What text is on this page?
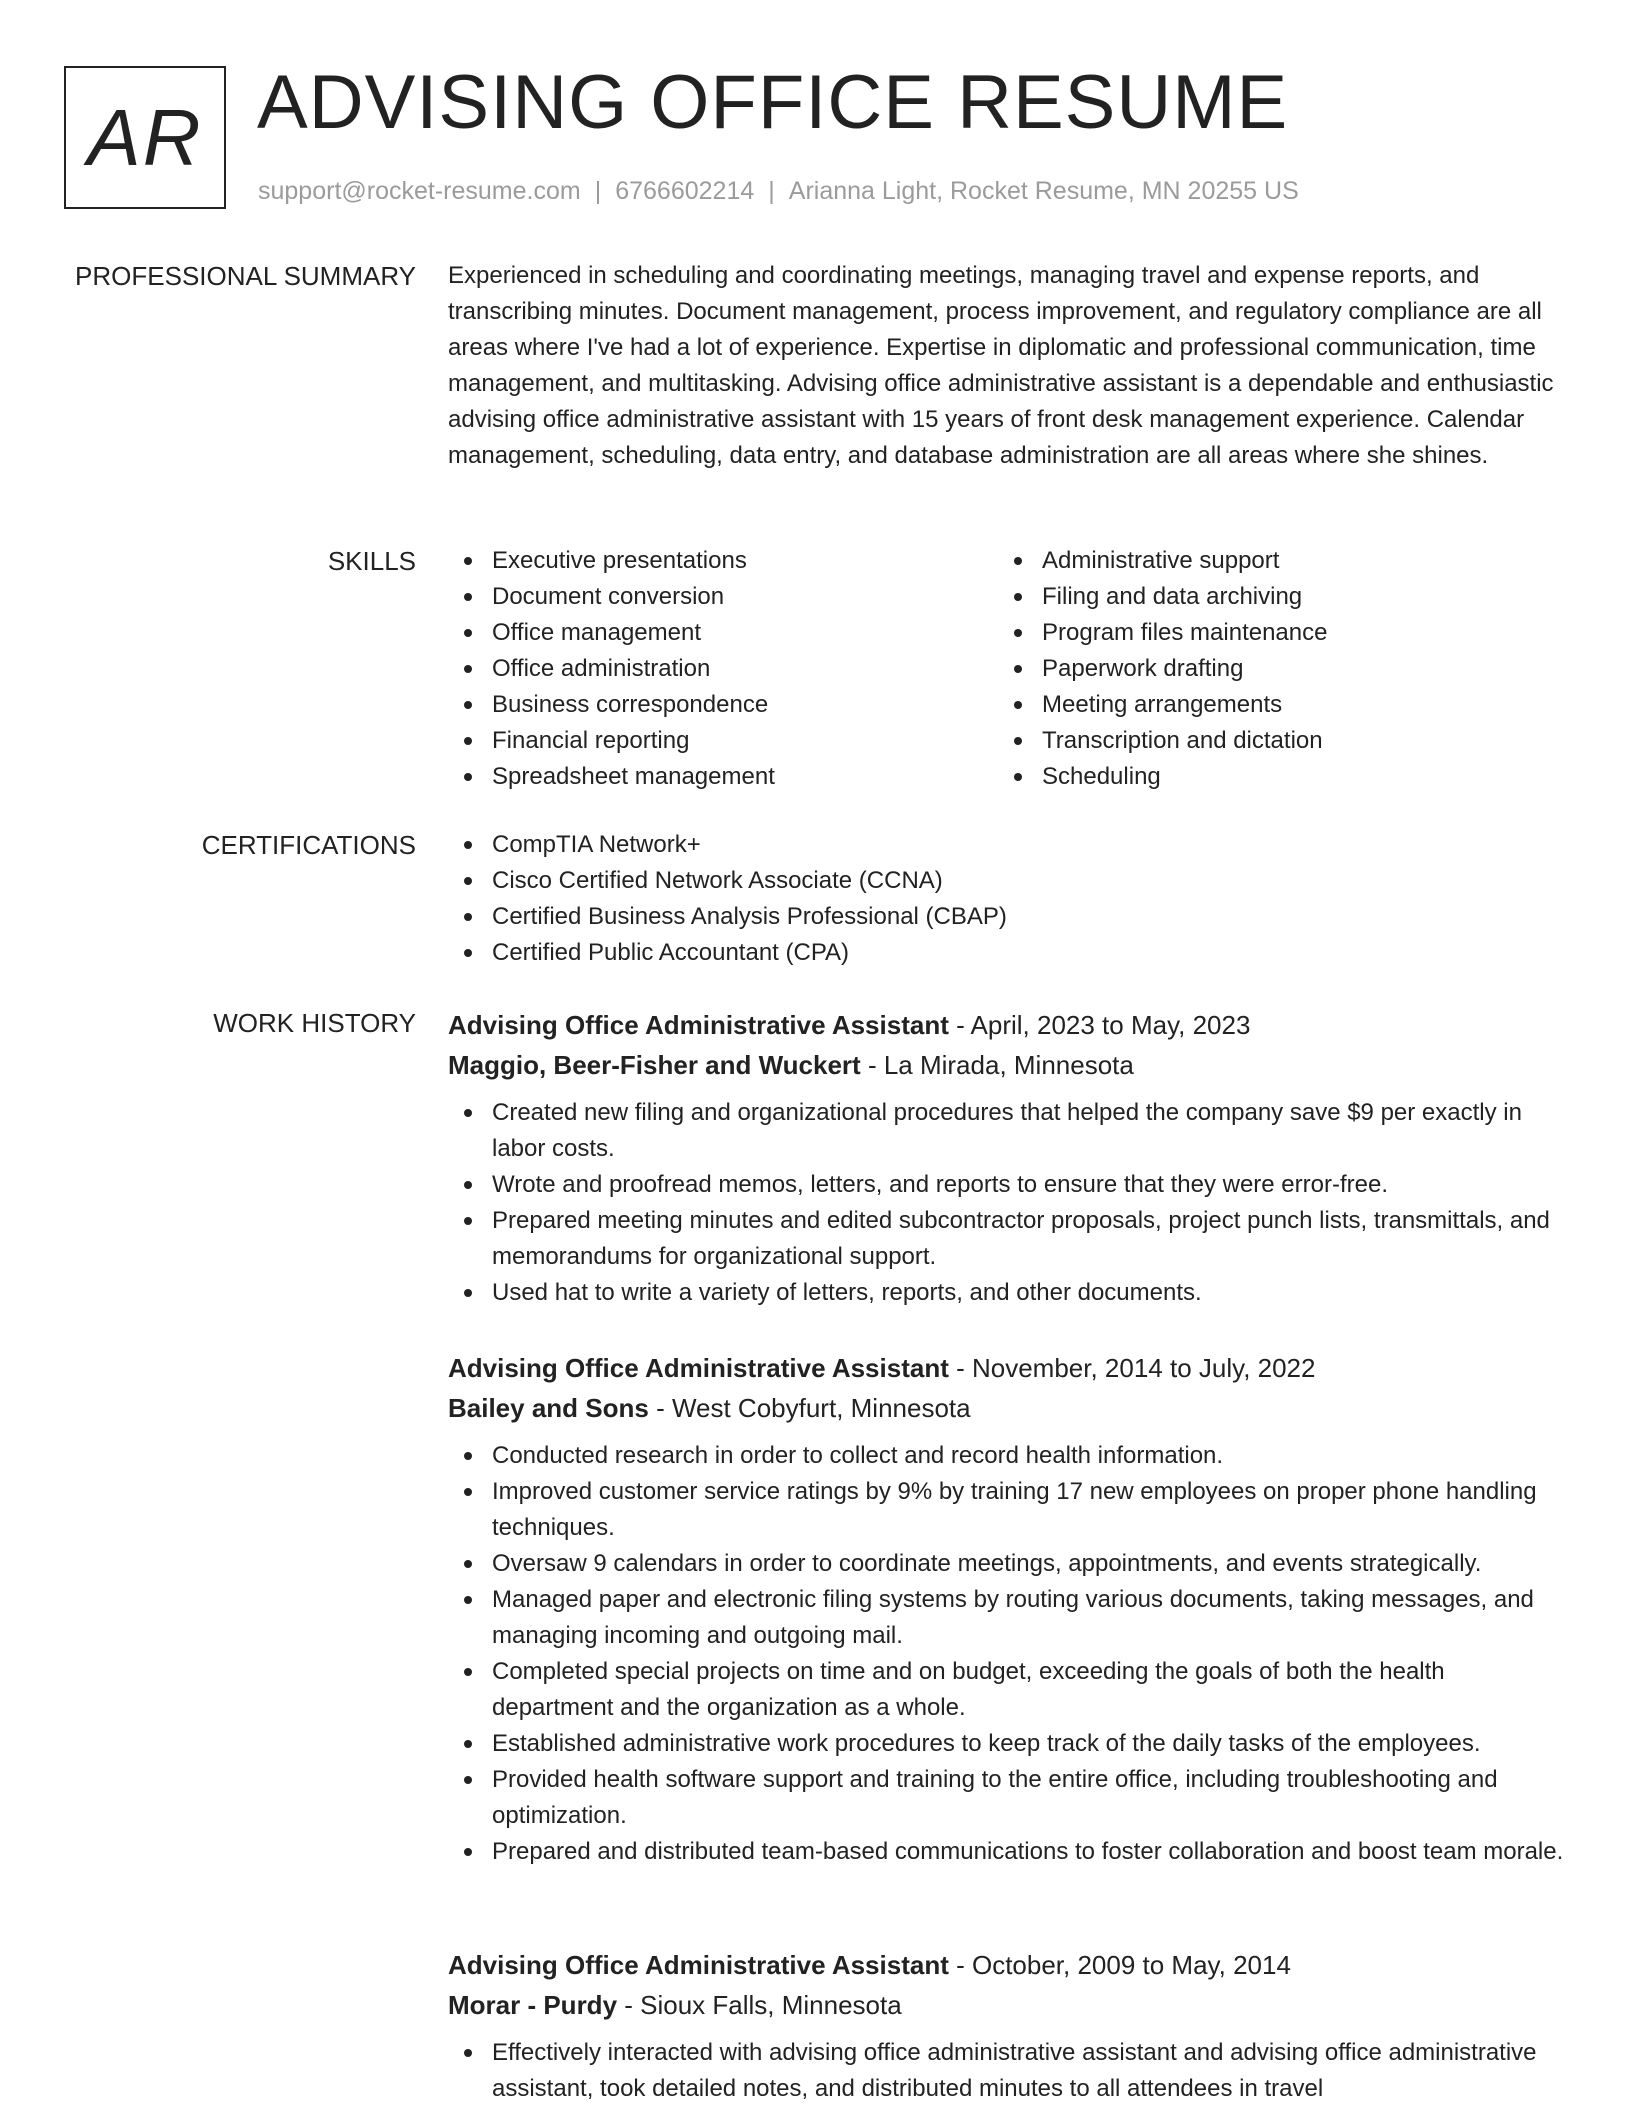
AR ADVISING OFFICE RESUME
support@rocket-resume.com | 6766602214 | Arianna Light, Rocket Resume, MN 20255 US
PROFESSIONAL SUMMARY Experienced in scheduling and coordinating meetings, managing travel and expense reports, and transcribing minutes. Document management, process improvement, and regulatory compliance are all areas where I've had a lot of experience. Expertise in diplomatic and professional communication, time management, and multitasking. Advising office administrative assistant is a dependable and enthusiastic advising office administrative assistant with 15 years of front desk management experience. Calendar management, scheduling, data entry, and database administration are all areas where she shines.

SKILLS	Executive presentations
Document conversion
Office management
Office administration
Business correspondence
Financial reporting
Spreadsheet management
Administrative support
Filing and data archiving
Program files maintenance
Paperwork drafting
Meeting arrangements
Transcription and dictation
Scheduling
CERTIFICATIONS	CompTIA Network+
Cisco Certified Network Associate (CCNA)
Certified Business Analysis Professional (CBAP)
Certified Public Accountant (CPA)
WORK HISTORY Advising Office Administrative Assistant - April, 2023 to May, 2023
Maggio, Beer-Fisher and Wuckert - La Mirada, Minnesota
Created new filing and organizational procedures that helped the company save $9 per exactly in labor costs.
Wrote and proofread memos, letters, and reports to ensure that they were error-free.
Prepared meeting minutes and edited subcontractor proposals, project punch lists, transmittals, and memorandums for organizational support.
Used hat to write a variety of letters, reports, and other documents.
Advising Office Administrative Assistant - November, 2014 to July, 2022
Bailey and Sons - West Cobyfurt, Minnesota
Conducted research in order to collect and record health information.
Improved customer service ratings by 9% by training 17 new employees on proper phone handling techniques.
Oversaw 9 calendars in order to coordinate meetings, appointments, and events strategically.
Managed paper and electronic filing systems by routing various documents, taking messages, and managing incoming and outgoing mail.
Completed special projects on time and on budget, exceeding the goals of both the health department and the organization as a whole.
Established administrative work procedures to keep track of the daily tasks of the employees.
Provided health software support and training to the entire office, including troubleshooting and optimization.
Prepared and distributed team-based communications to foster collaboration and boost team morale.
Advising Office Administrative Assistant - October, 2009 to May, 2014
Morar - Purdy - Sioux Falls, Minnesota
Effectively interacted with advising office administrative assistant and advising office administrative assistant, took detailed notes, and distributed minutes to all attendees in travel
